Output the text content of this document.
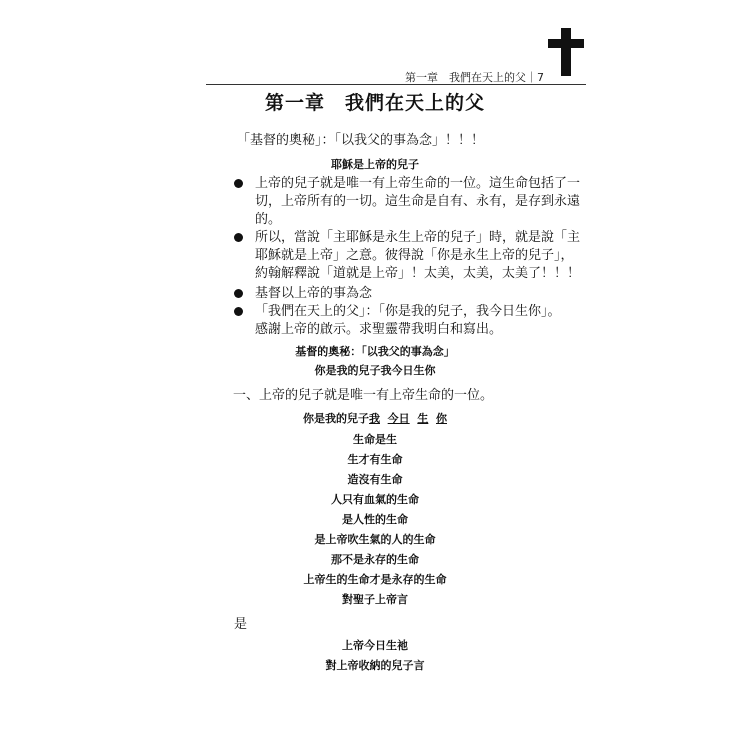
第一章　我們在天上的父｜7
第一章　我們在天上的父
「基督的奧秘」：「以我父的事為念」！！！
耶穌是上帝的兒子
上帝的兒子就是唯一有上帝生命的一位。這生命包括了一
切，上帝所有的一切。這生命是自有、永有，是存到永遠
的。
所以，當說「主耶穌是永生上帝的兒子」時，就是說「主
耶穌就是上帝」之意。彼得說「你是永生上帝的兒子」，
約翰解釋說「道就是上帝」！太美，太美，太美了！！！
基督以上帝的事為念
「我們在天上的父」：「你是我的兒子，我今日生你」。
感謝上帝的啟示。求聖靈帶我明白和寫出。
基督的奧秘：「以我父的事為念」
你是我的兒子我今日生你
一、上帝的兒子就是唯一有上帝生命的一位。
你是我的兒子我 今日 生 你
生命是生
生才有生命
造沒有生命
人只有血氣的生命
是人性的生命
是上帝吹生氣的人的生命
那不是永存的生命
上帝生的生命才是永存的生命
對聖子上帝言
是
上帝今日生祂
對上帝收納的兒子言
